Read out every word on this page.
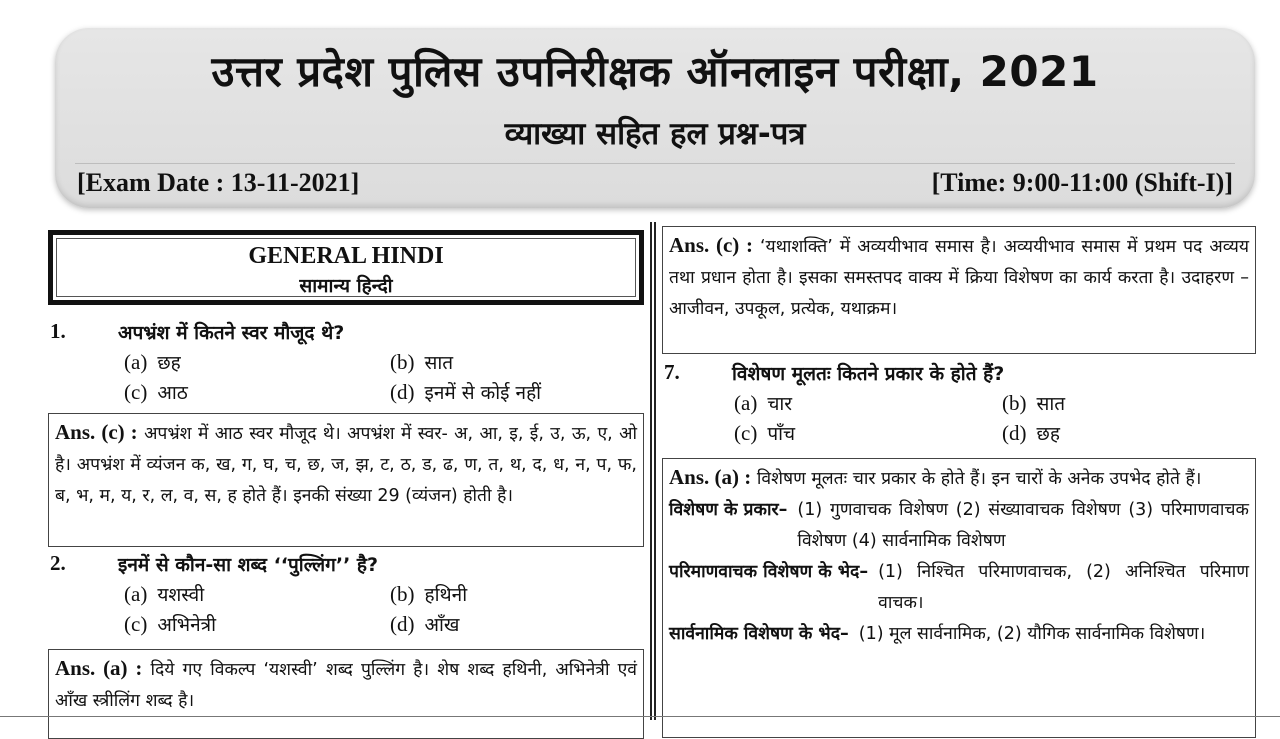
उत्तर प्रदेश पुलिस उपनिरीक्षक ऑनलाइन परीक्षा, 2021
व्याख्या सहित हल प्रश्न-पत्र
[Exam Date : 13-11-2021]	[Time: 9:00-11:00 (Shift-I)]
GENERAL HINDI
सामान्य हिन्दी
1.	अपभ्रंश में कितने स्वर मौजूद थे?
(a) छह	(b) सात
(c) आठ	(d) इनमें से कोई नहीं
Ans. (c) : अपभ्रंश में आठ स्वर मौजूद थे। अपभ्रंश में स्वर- अ, आ, इ, ई, उ, ऊ, ए, ओ है। अपभ्रंश में व्यंजन क, ख, ग, घ, च, छ, ज, झ, ट, ठ, ड, ढ, ण, त, थ, द, ध, न, प, फ, ब, भ, म, य, र, ल, व, स, ह होते हैं। इनकी संख्या 29 (व्यंजन) होती है।
2.	इनमें से कौन-सा शब्द ‘‘पुल्लिंग’’ है?
(a) यशस्वी	(b) हथिनी
(c) अभिनेत्री	(d) आँख
Ans. (a) : दिये गए विकल्प ‘यशस्वी’ शब्द पुल्लिंग है। शेष शब्द हथिनी, अभिनेत्री एवं आँख स्त्रीलिंग शब्द है।
Ans. (c) : ‘यथाशक्ति’ में अव्ययीभाव समास है। अव्ययीभाव समास में प्रथम पद अव्यय तथा प्रधान होता है। इसका समस्तपद वाक्य में क्रिया विशेषण का कार्य करता है। उदाहरण – आजीवन, उपकूल, प्रत्येक, यथाक्रम।
7.	विशेषण मूलतः कितने प्रकार के होते हैं?
(a) चार	(b) सात
(c) पाँच	(d) छह
Ans. (a) : विशेषण मूलतः चार प्रकार के होते हैं। इन चारों के अनेक उपभेद होते हैं।
विशेषण के प्रकार– (1) गुणवाचक विशेषण (2) संख्यावाचक विशेषण (3) परिमाणवाचक विशेषण (4) सार्वनामिक विशेषण
परिमाणवाचक विशेषण के भेद– (1) निश्चित परिमाणवाचक, (2) अनिश्चित परिमाण वाचक।
सार्वनामिक विशेषण के भेद– (1) मूल सार्वनामिक, (2) यौगिक सार्वनामिक विशेषण।
